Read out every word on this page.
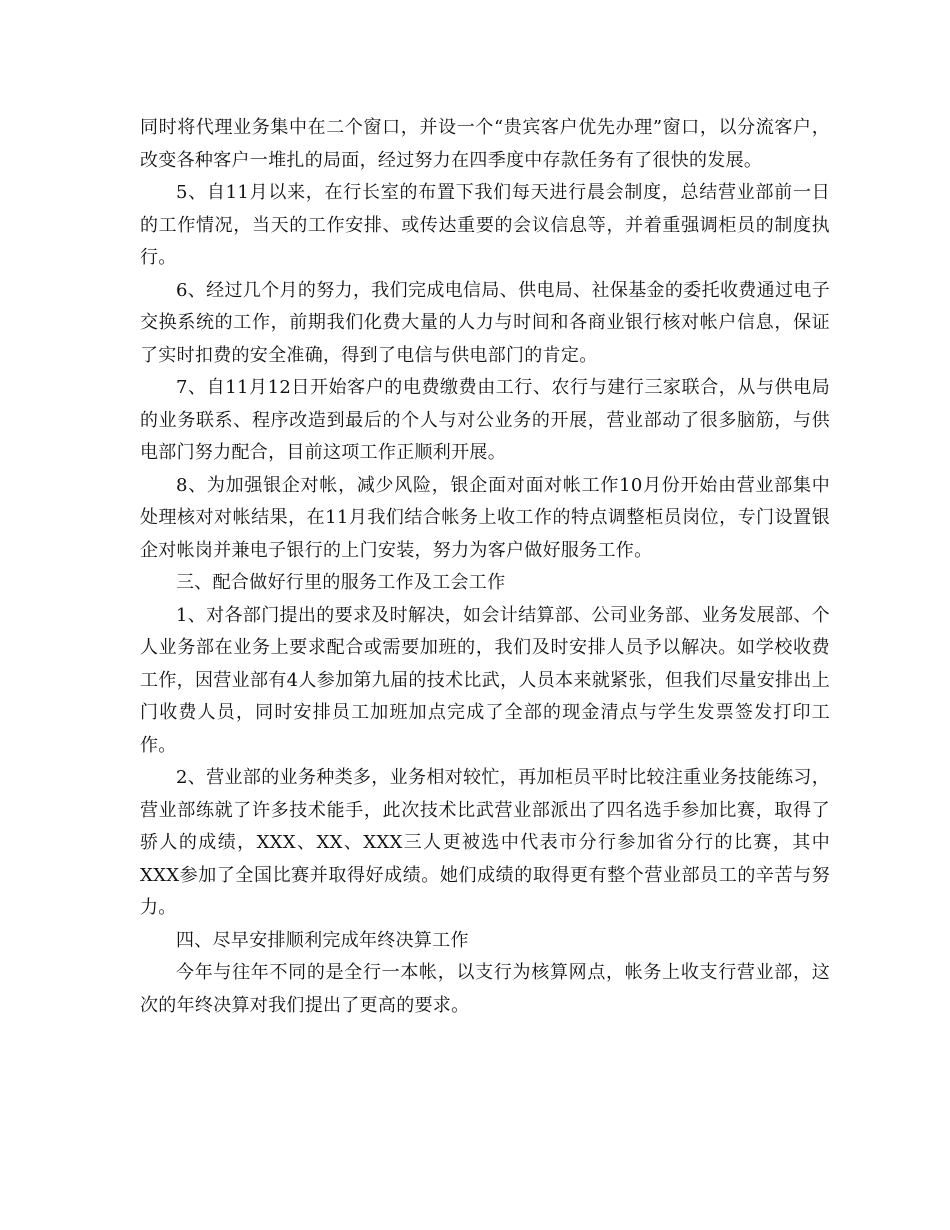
同时将代理业务集中在二个窗口，并设一个“贵宾客户优先办理”窗口，以分流客户，改变各种客户一堆扎的局面，经过努力在四季度中存款任务有了很快的发展。

5、自11月以来，在行长室的布置下我们每天进行晨会制度，总结营业部前一日的工作情况，当天的工作安排、或传达重要的会议信息等，并着重强调柜员的制度执行。

6、经过几个月的努力，我们完成电信局、供电局、社保基金的委托收费通过电子交换系统的工作，前期我们化费大量的人力与时间和各商业银行核对帐户信息，保证了实时扣费的安全准确，得到了电信与供电部门的肯定。

7、自11月12日开始客户的电费缴费由工行、农行与建行三家联合，从与供电局的业务联系、程序改造到最后的个人与对公业务的开展，营业部动了很多脑筋，与供电部门努力配合，目前这项工作正顺利开展。

8、为加强银企对帐，减少风险，银企面对面对帐工作10月份开始由营业部集中处理核对对帐结果，在11月我们结合帐务上收工作的特点调整柜员岗位，专门设置银企对帐岗并兼电子银行的上门安装，努力为客户做好服务工作。

三、配合做好行里的服务工作及工会工作

1、对各部门提出的要求及时解决，如会计结算部、公司业务部、业务发展部、个人业务部在业务上要求配合或需要加班的，我们及时安排人员予以解决。如学校收费工作，因营业部有4人参加第九届的技术比武，人员本来就紧张，但我们尽量安排出上门收费人员，同时安排员工加班加点完成了全部的现金清点与学生发票签发打印工作。

2、营业部的业务种类多，业务相对较忙，再加柜员平时比较注重业务技能练习，营业部练就了许多技术能手，此次技术比武营业部派出了四名选手参加比赛，取得了骄人的成绩，XXX、XX、XXX三人更被选中代表市分行参加省分行的比赛，其中XXX参加了全国比赛并取得好成绩。她们成绩的取得更有整个营业部员工的辛苦与努力。

四、尽早安排顺利完成年终决算工作

今年与往年不同的是全行一本帐，以支行为核算网点，帐务上收支行营业部，这次的年终决算对我们提出了更高的要求。
